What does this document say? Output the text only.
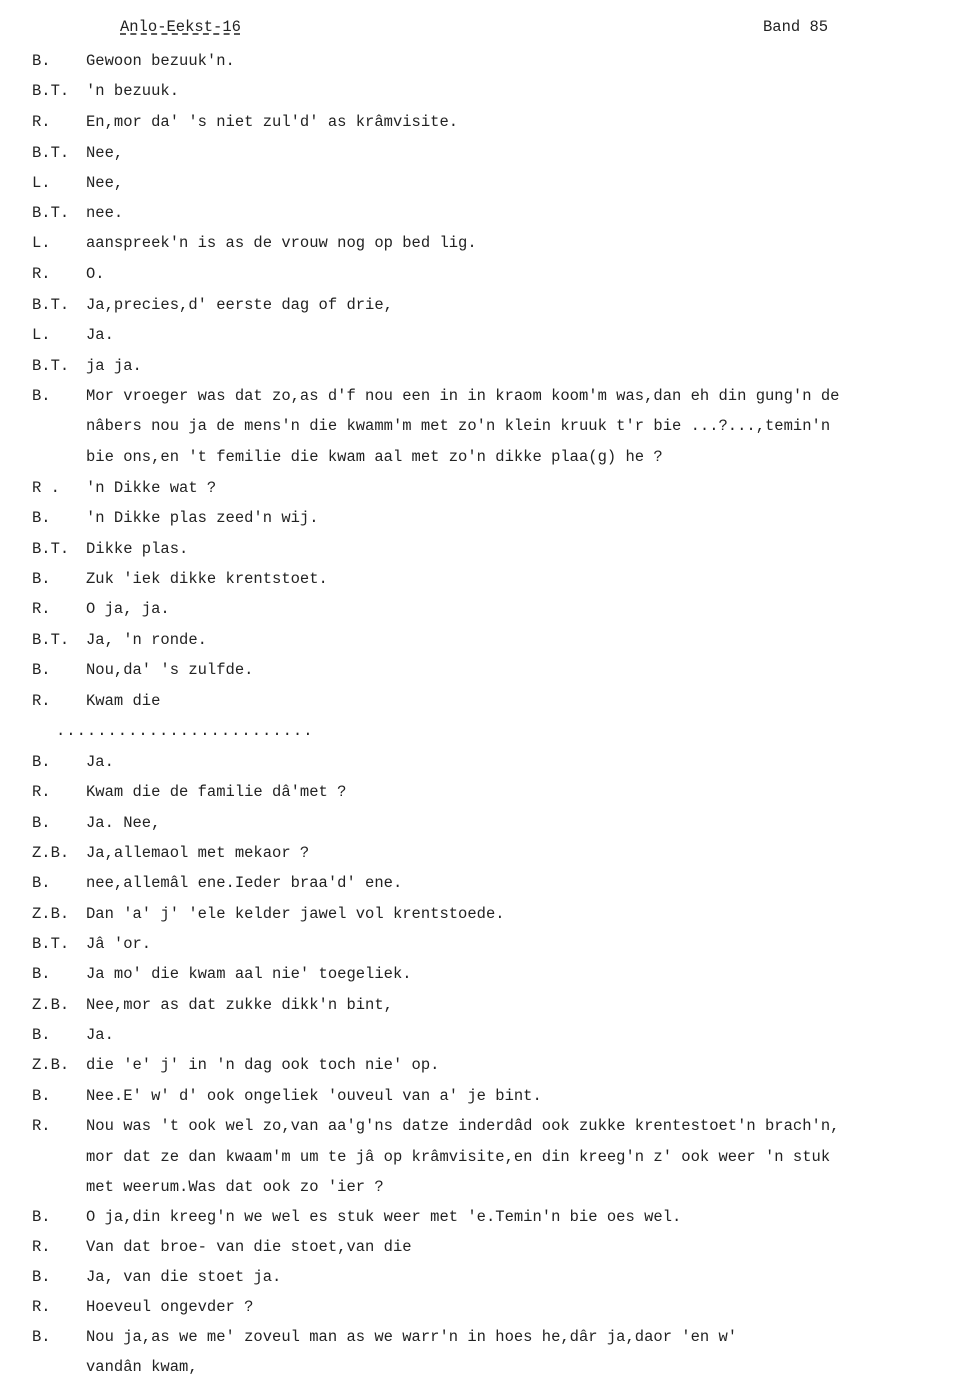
Anlo-Eekst-16	Band 85
B. Gewoon bezuuk'n.
B.T. 'n bezuuk.
R. En,mor da' 's niet zul'd' as krâmvisite.
B.T. Nee,
L. Nee,
B.T. nee.
L. aanspreek'n is as de vrouw nog op bed lig.
R. O.
B.T. Ja,precies,d' eerste dag of drie,
L. Ja.
B.T. ja ja.
B. Mor vroeger was dat zo,as d'f nou een in in kraom koom'm was,dan eh din gung'n de
nâbers nou ja de mens'n die kwamm'm met zo'n klein kruuk t'r bie ...?...,temin'n
bie ons,en 't femilie die kwam aal met zo'n dikke plaa(g) he ?
R . 'n Dikke wat ?
B. 'n Dikke plas zeed'n wij.
B.T. Dikke plas.
B. Zuk 'iek dikke krentstoet.
R. O ja, ja.
B.T. Ja, 'n ronde.
B. Nou,da' 's zulfde.
R. Kwam die
.........................
B. Ja.
R. Kwam die de familie dâ'met ?
B. Ja. Nee,
Z.B. Ja,allemaol met mekaor ?
B. nee,allemâl ene.Ieder braa'd' ene.
Z.B. Dan 'a' j' 'ele kelder jawel vol krentstoede.
B.T. Jâ 'or.
B. Ja mo' die kwam aal nie' toegeliek.
Z.B. Nee,mor as dat zukke dikk'n bint,
B. Ja.
Z.B. die 'e' j' in 'n dag ook toch nie' op.
B. Nee.E' w' d' ook ongeliek 'ouveul van a' je bint.
R. Nou was 't ook wel zo,van aa'g'ns datze inderdâd ook zukke krentestoet'n brach'n,
mor dat ze dan kwaam'm um te jâ op krâmvisite,en din kreeg'n z' ook weer 'n stuk
met weerum.Was dat ook zo 'ier ?
B. O ja,din kreeg'n we wel es stuk weer met 'e.Temin'n bie oes wel.
R. Van dat broe- van die stoet,van die
B. Ja, van die stoet ja.
R. Hoeveul ongevder ?
B. Nou ja,as we me' zoveul man as we warr'n in hoes he,dâr ja,daor 'en w'
vandân kwam,
